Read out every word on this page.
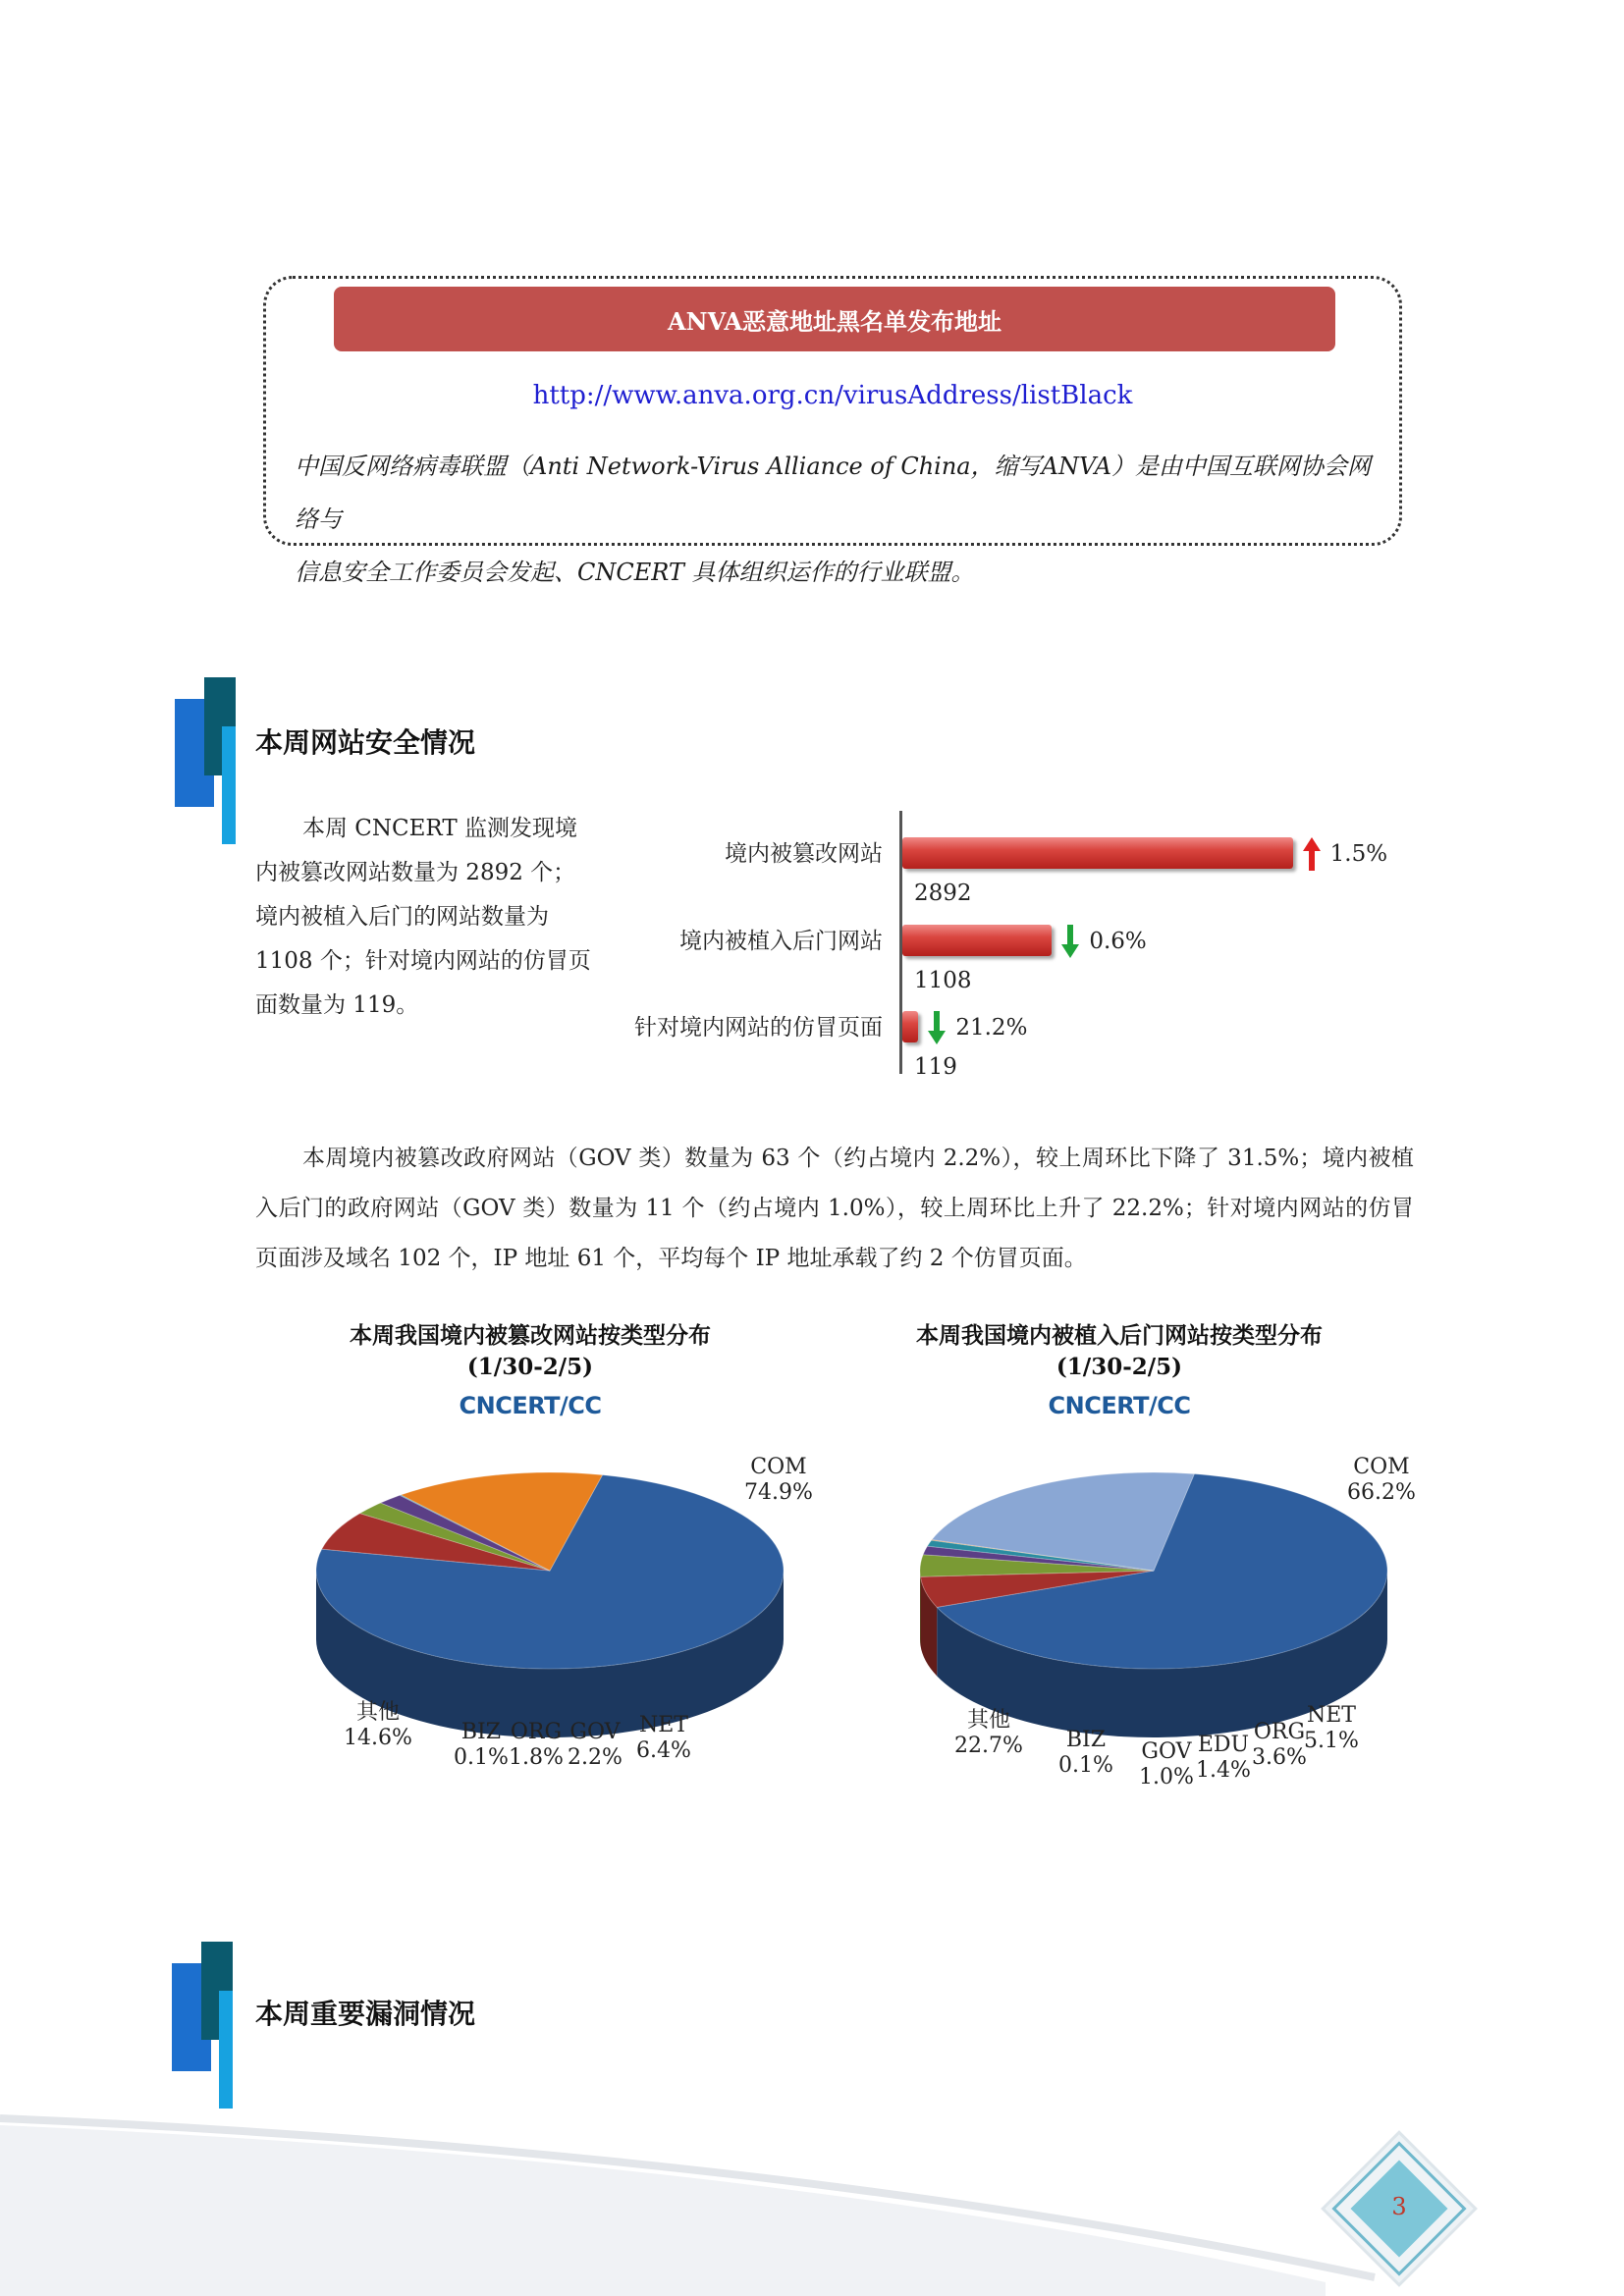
ANVA恶意地址黑名单发布地址
http://www.anva.org.cn/virusAddress/listBlack
中国反网络病毒联盟（Anti Network-Virus Alliance of China，缩写ANVA）是由中国互联网协会网络与
信息安全工作委员会发起、CNCERT 具体组织运作的行业联盟。
本周网站安全情况
本周 CNCERT 监测发现境内被篡改网站数量为 2892 个；境内被植入后门的网站数量为 1108 个；针对境内网站的仿冒页面数量为 119。
境内被篡改网站
2892
1.5%
境内被植入后门网站
1108
0.6%
针对境内网站的仿冒页面
119
21.2%
本周境内被篡改政府网站（GOV 类）数量为 63 个（约占境内 2.2%），较上周环比下降了 31.5%；境内被植入后门的政府网站（GOV 类）数量为 11 个（约占境内 1.0%），较上周环比上升了 22.2%；针对境内网站的仿冒页面涉及域名 102 个，IP 地址 61 个，平均每个 IP 地址承载了约 2 个仿冒页面。
本周我国境内被篡改网站按类型分布
(1/30-2/5)
CNCERT/CC
本周我国境内被植入后门网站按类型分布
(1/30-2/5)
CNCERT/CC
COM
74.9%
NET
6.4%
GOV
2.2%
ORG
1.8%
BIZ
0.1%
其他
14.6%
COM
66.2%
NET
5.1%
ORG
3.6%
EDU
1.4%
GOV
1.0%
BIZ
0.1%
其他
22.7%
本周重要漏洞情况
3
